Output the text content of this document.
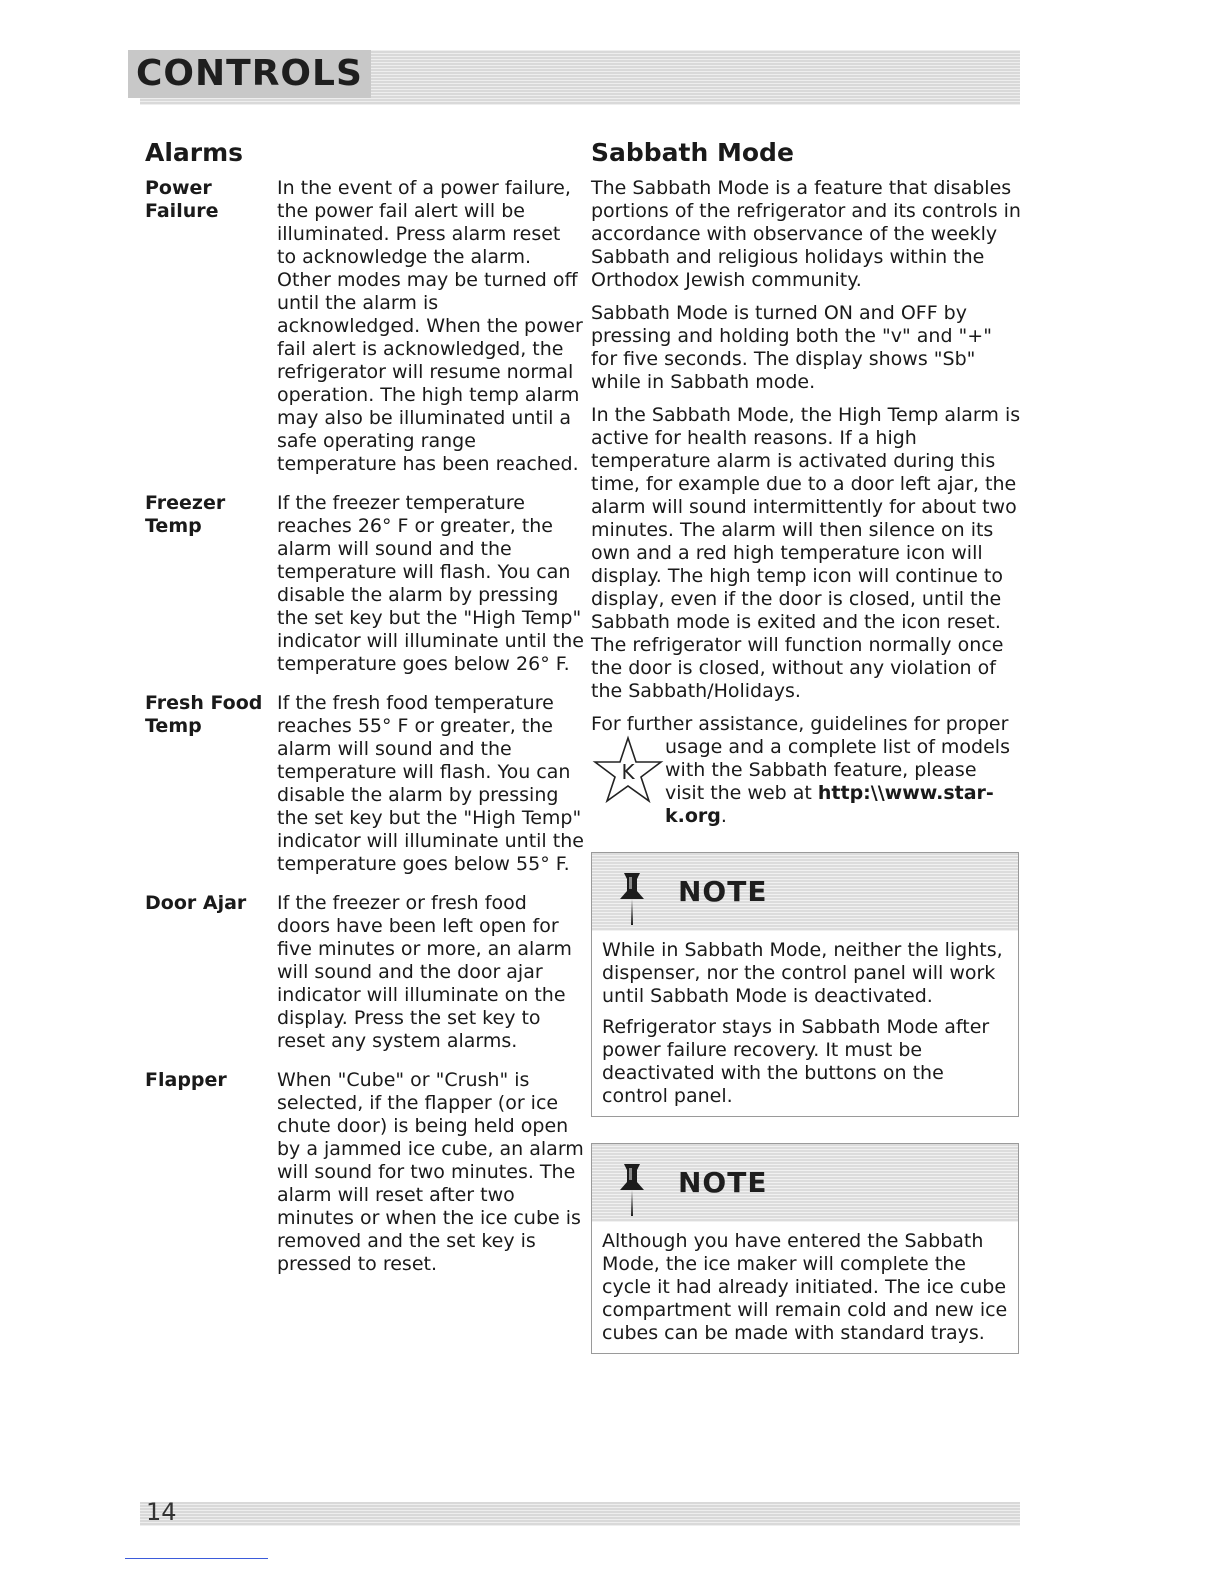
CONTROLS
Alarms
Power
Failure
In the event of a power failure, the power fail alert will be illuminated. Press alarm reset to acknowledge the alarm. Other modes may be turned off until the alarm is acknowledged. When the power fail alert is acknowledged, the refrigerator will resume normal operation. The high temp alarm may also be illuminated until a safe operating range temperature has been reached.
Freezer
Temp
If the freezer temperature reaches 26° F or greater, the alarm will sound and the temperature will flash. You can disable the alarm by pressing the set key but the "High Temp" indicator will illuminate until the temperature goes below 26° F.
Fresh Food
Temp
If the fresh food temperature reaches 55° F or greater, the alarm will sound and the temperature will flash. You can disable the alarm by pressing the set key but the "High Temp" indicator will illuminate until the temperature goes below 55° F.
Door Ajar	If the freezer or fresh food doors have been left open for five minutes or more, an alarm will sound and the door ajar indicator will illuminate on the display. Press the set key to reset any system alarms.
Flapper	When "Cube" or "Crush" is selected, if the flapper (or ice chute door) is being held open by a jammed ice cube, an alarm will sound for two minutes. The alarm will reset after two minutes or when the ice cube is removed and the set key is pressed to reset.
Sabbath Mode

The Sabbath Mode is a feature that disables portions of the refrigerator and its controls in accordance with observance of the weekly Sabbath and religious holidays within the Orthodox Jewish community.

Sabbath Mode is turned ON and OFF by pressing and holding both the "v" and "+" for five seconds. The display shows "Sb" while in Sabbath mode.

In the Sabbath Mode, the High Temp alarm is active for health reasons. If a high temperature alarm is activated during this time, for example due to a door left ajar, the alarm will sound intermittently for about two minutes. The alarm will then silence on its own and a red high temperature icon will display. The high temp icon will continue to display, even if the door is closed, until the Sabbath mode is exited and the icon reset. The refrigerator will function normally once the door is closed, without any violation of the Sabbath/Holidays.

For further assistance, guidelines for proper
K
usage and a complete list of models with the Sabbath feature, please visit the web at http:\\www.star-k.org.
NOTE

While in Sabbath Mode, neither the lights, dispenser, nor the control panel will work until Sabbath Mode is deactivated.

Refrigerator stays in Sabbath Mode after power failure recovery. It must be deactivated with the buttons on the control panel.

NOTE

Although you have entered the Sabbath Mode, the ice maker will complete the cycle it had already initiated. The ice cube compartment will remain cold and new ice cubes can be made with standard trays.

14
